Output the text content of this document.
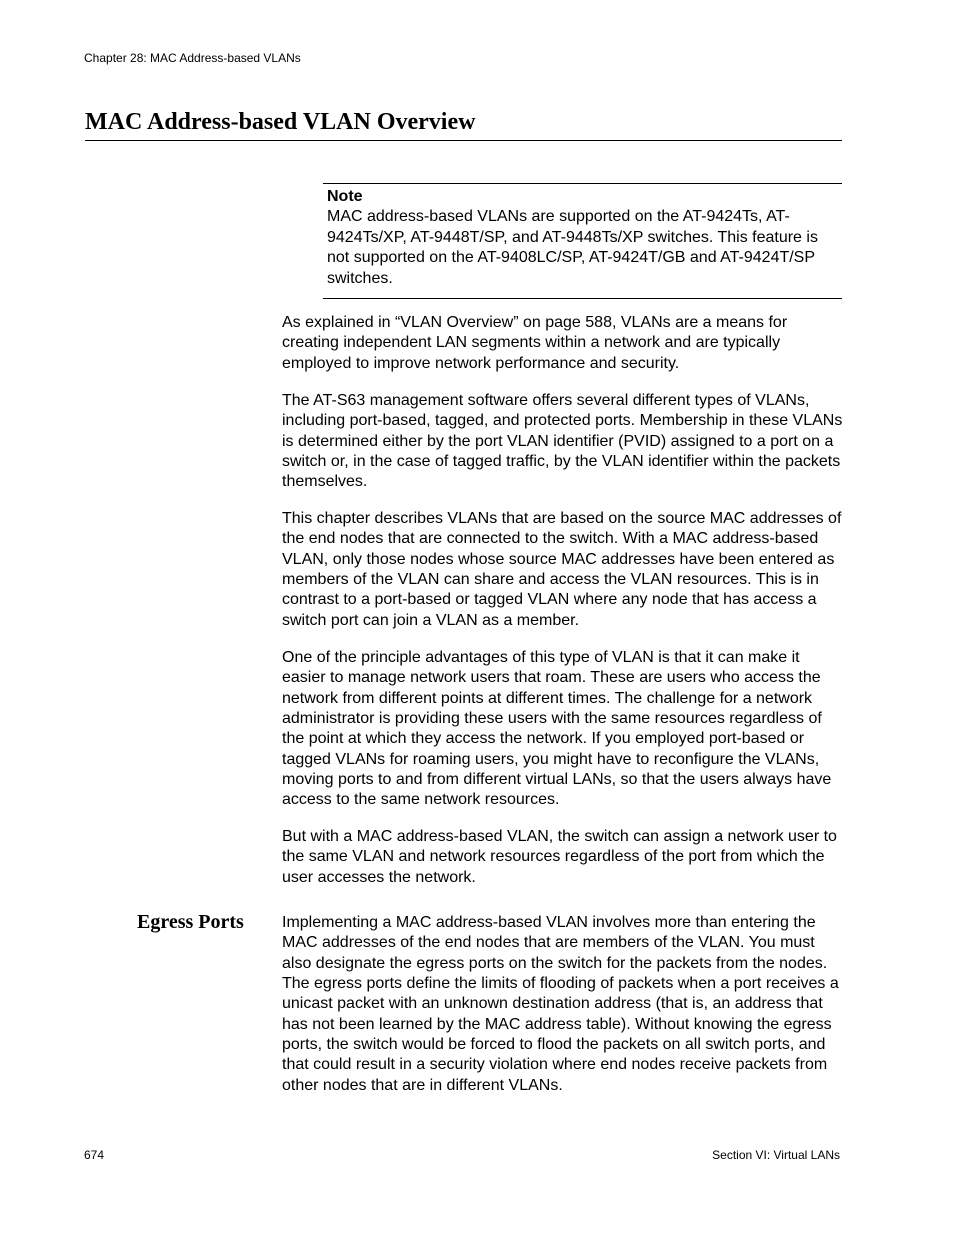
Chapter 28: MAC Address-based VLANs
MAC Address-based VLAN Overview
Note
MAC address-based VLANs are supported on the AT-9424Ts, AT-9424Ts/XP, AT-9448T/SP, and AT-9448Ts/XP switches. This feature is not supported on the AT-9408LC/SP, AT-9424T/GB and AT-9424T/SP switches.

As explained in “VLAN Overview” on page 588, VLANs are a means for creating independent LAN segments within a network and are typically employed to improve network performance and security.

The AT-S63 management software offers several different types of VLANs, including port-based, tagged, and protected ports. Membership in these VLANs is determined either by the port VLAN identifier (PVID) assigned to a port on a switch or, in the case of tagged traffic, by the VLAN identifier within the packets themselves.

This chapter describes VLANs that are based on the source MAC addresses of the end nodes that are connected to the switch. With a MAC address-based VLAN, only those nodes whose source MAC addresses have been entered as members of the VLAN can share and access the VLAN resources. This is in contrast to a port-based or tagged VLAN where any node that has access a switch port can join a VLAN as a member.

One of the principle advantages of this type of VLAN is that it can make it easier to manage network users that roam. These are users who access the network from different points at different times. The challenge for a network administrator is providing these users with the same resources regardless of the point at which they access the network. If you employed port-based or tagged VLANs for roaming users, you might have to reconfigure the VLANs, moving ports to and from different virtual LANs, so that the users always have access to the same network resources.

But with a MAC address-based VLAN, the switch can assign a network user to the same VLAN and network resources regardless of the port from which the user accesses the network.

Egress Ports Implementing a MAC address-based VLAN involves more than entering the MAC addresses of the end nodes that are members of the VLAN. You must also designate the egress ports on the switch for the packets from the nodes. The egress ports define the limits of flooding of packets when a port receives a unicast packet with an unknown destination address (that is, an address that has not been learned by the MAC address table). Without knowing the egress ports, the switch would be forced to flood the packets on all switch ports, and that could result in a security violation where end nodes receive packets from other nodes that are in different VLANs.

674	Section VI: Virtual LANs
